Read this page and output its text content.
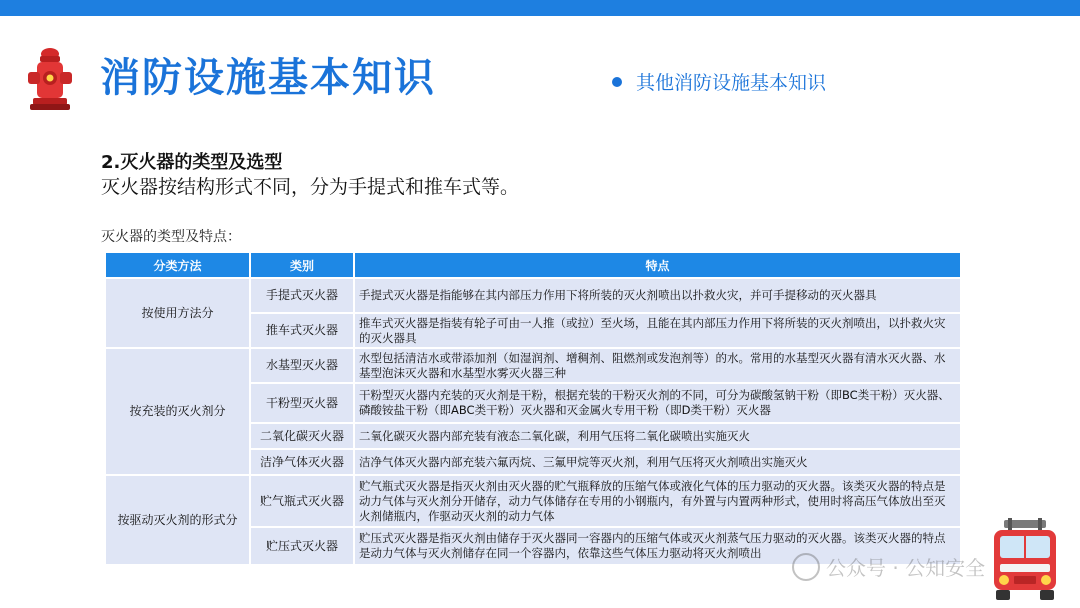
消防设施基本知识	其他消防设施基本知识
2.灭火器的类型及选型
灭火器按结构形式不同，分为手提式和推车式等。
灭火器的类型及特点：
分类方法	类别	特点
按使用方法分	手提式灭火器	手提式灭火器是指能够在其内部压力作用下将所装的灭火剂喷出以扑救火灾，并可手提移动的灭火器具
	推车式灭火器	推车式灭火器是指装有轮子可由一人推（或拉）至火场，且能在其内部压力作用下将所装的灭火剂喷出，以扑救火灾的灭火器具
按充装的灭火剂分	水基型灭火器	水型包括清洁水或带添加剂（如湿润剂、增稠剂、阻燃剂或发泡剂等）的水。常用的水基型灭火器有清水灭火器、水基型泡沫灭火器和水基型水雾灭火器三种
	干粉型灭火器	干粉型灭火器内充装的灭火剂是干粉，根据充装的干粉灭火剂的不同，可分为碳酸氢钠干粉（即BC类干粉）灭火器、磷酸铵盐干粉（即ABC类干粉）灭火器和灭金属火专用干粉（即D类干粉）灭火器
	二氧化碳灭火器	二氧化碳灭火器内部充装有液态二氧化碳，利用气压将二氧化碳喷出实施灭火
	洁净气体灭火器	洁净气体灭火器内部充装六氟丙烷、三氟甲烷等灭火剂，利用气压将灭火剂喷出实施灭火
按驱动灭火剂的形式分	贮气瓶式灭火器	贮气瓶式灭火器是指灭火剂由灭火器的贮气瓶释放的压缩气体或液化气体的压力驱动的灭火器。该类灭火器的特点是动力气体与灭火剂分开储存，动力气体储存在专用的小钢瓶内，有外置与内置两种形式，使用时将高压气体放出至灭火剂储瓶内，作驱动灭火剂的动力气体
	贮压式灭火器	贮压式灭火器是指灭火剂由储存于灭火器同一容器内的压缩气体或灭火剂蒸气压力驱动的灭火器。该类灭火器的特点是动力气体与灭火剂储存在同一个容器内，依靠这些气体压力驱动将灭火剂喷出
公众号 · 公知安全
